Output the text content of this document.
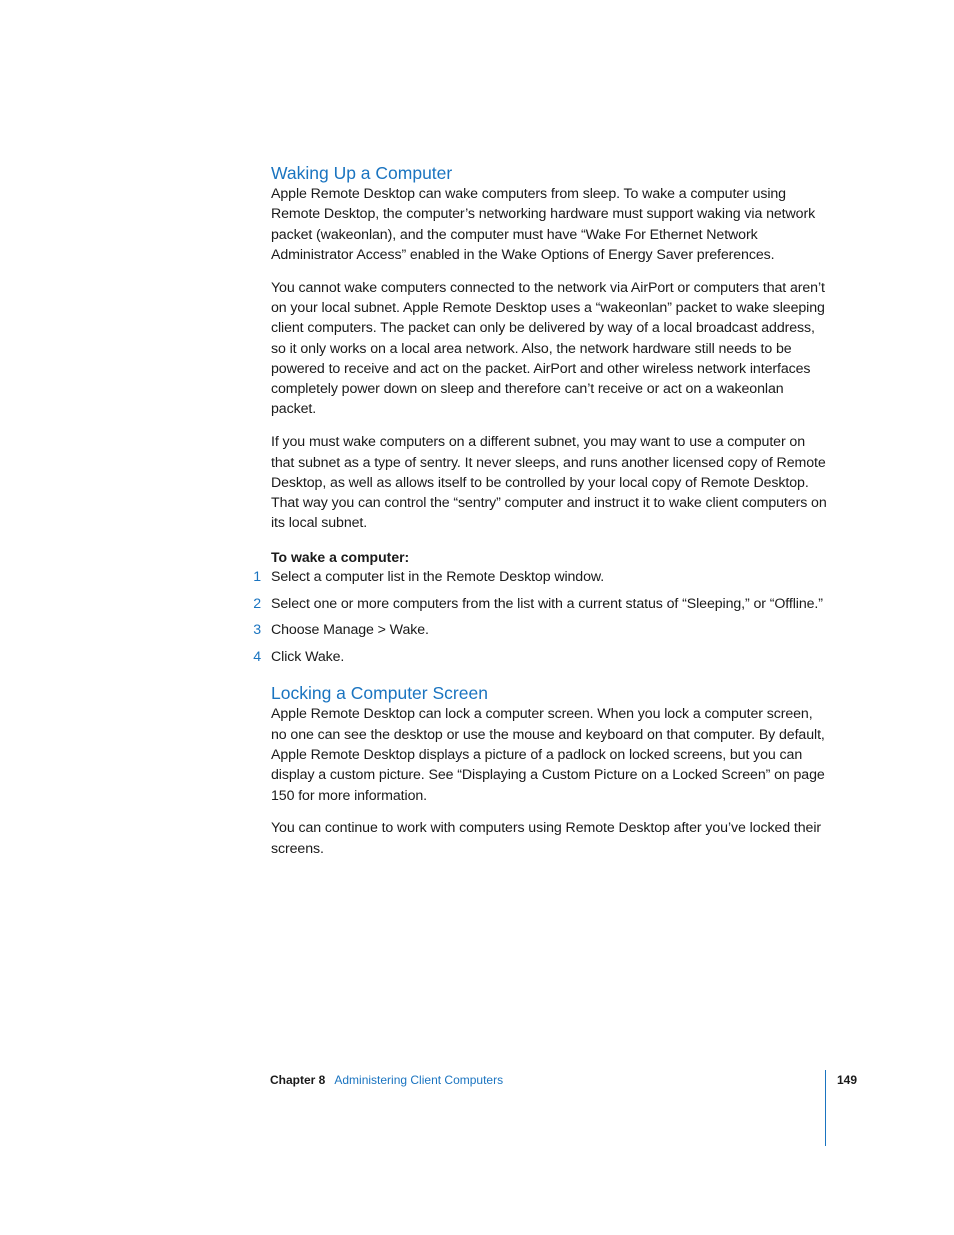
Waking Up a Computer

Apple Remote Desktop can wake computers from sleep. To wake a computer using Remote Desktop, the computer’s networking hardware must support waking via network packet (wakeonlan), and the computer must have “Wake For Ethernet Network Administrator Access” enabled in the Wake Options of Energy Saver preferences.

You cannot wake computers connected to the network via AirPort or computers that aren’t on your local subnet. Apple Remote Desktop uses a “wakeonlan” packet to wake sleeping client computers. The packet can only be delivered by way of a local broadcast address, so it only works on a local area network. Also, the network hardware still needs to be powered to receive and act on the packet. AirPort and other wireless network interfaces completely power down on sleep and therefore can’t receive or act on a wakeonlan packet.

If you must wake computers on a different subnet, you may want to use a computer on that subnet as a type of sentry. It never sleeps, and runs another licensed copy of Remote Desktop, as well as allows itself to be controlled by your local copy of Remote Desktop. That way you can control the “sentry” computer and instruct it to wake client computers on its local subnet.

To wake a computer:
1 Select a computer list in the Remote Desktop window.
2 Select one or more computers from the list with a current status of “Sleeping,” or “Offline.”
3 Choose Manage > Wake.
4 Click Wake.
Locking a Computer Screen

Apple Remote Desktop can lock a computer screen. When you lock a computer screen, no one can see the desktop or use the mouse and keyboard on that computer. By default, Apple Remote Desktop displays a picture of a padlock on locked screens, but you can display a custom picture. See “Displaying a Custom Picture on a Locked Screen” on page 150 for more information.

You can continue to work with computers using Remote Desktop after you’ve locked their screens.

Chapter 8 Administering Client Computers	149
